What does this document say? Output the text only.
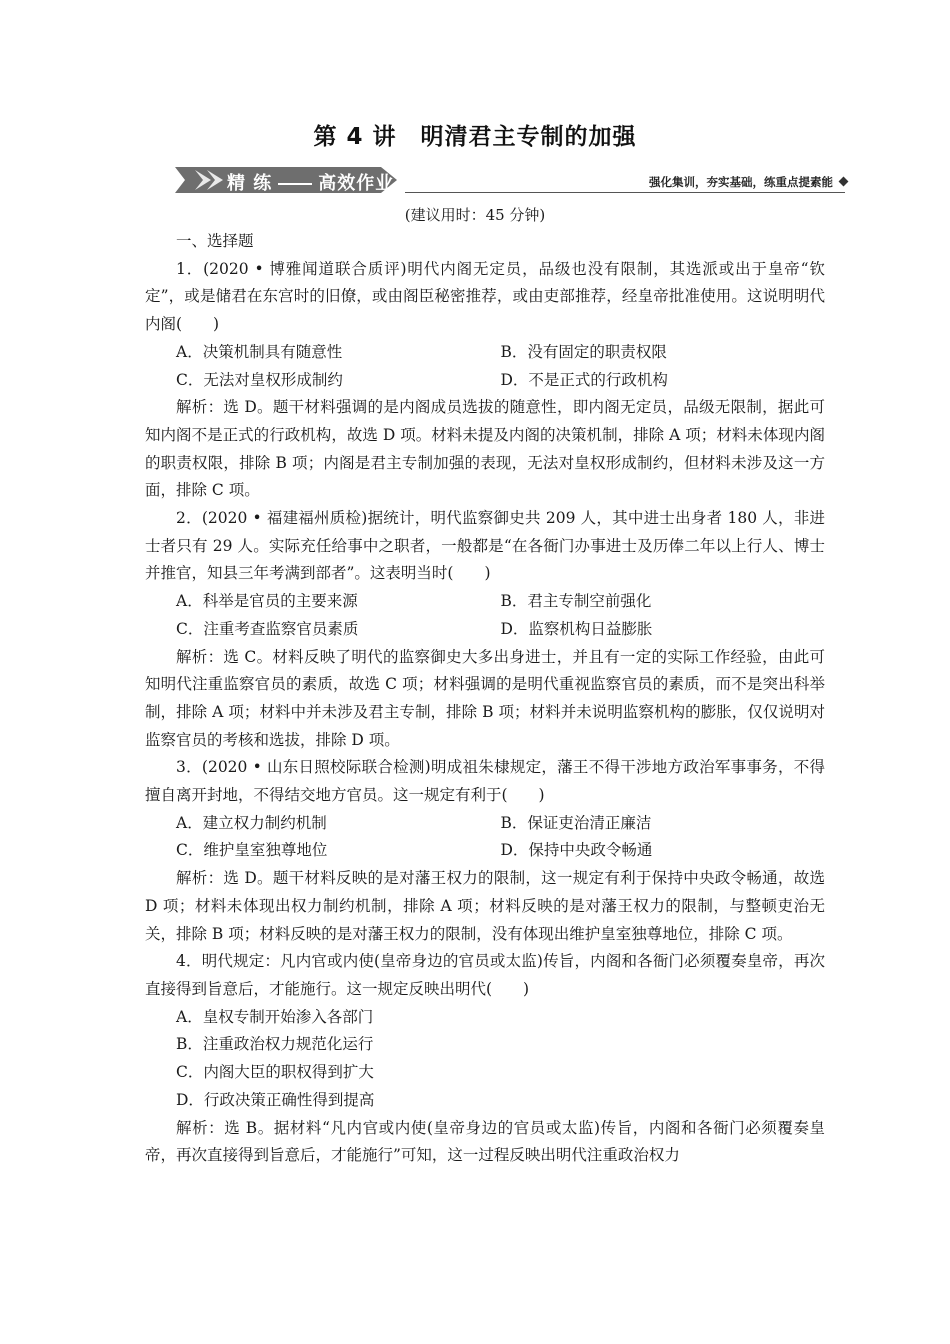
第 4 讲　明清君主专制的加强
精 练	高效作业	强化集训，夯实基础，练重点提素能
(建议用时：45 分钟)

一、选择题

1．(2020 • 博雅闻道联合质评)明代内阁无定员，品级也没有限制，其选派或出于皇帝“钦定”，或是储君在东宫时的旧僚，或由阁臣秘密推荐，或由吏部推荐，经皇帝批准使用。这说明明代内阁(　　)

A．决策机制具有随意性	B．没有固定的职责权限
C．无法对皇权形成制约	D．不是正式的行政机构

解析：选 D。题干材料强调的是内阁成员选拔的随意性，即内阁无定员，品级无限制，据此可知内阁不是正式的行政机构，故选 D 项。材料未提及内阁的决策机制，排除 A 项；材料未体现内阁的职责权限，排除 B 项；内阁是君主专制加强的表现，无法对皇权形成制约，但材料未涉及这一方面，排除 C 项。

2．(2020 • 福建福州质检)据统计，明代监察御史共 209 人，其中进士出身者 180 人，非进士者只有 29 人。实际充任给事中之职者，一般都是“在各衙门办事进士及历俸二年以上行人、博士并推官，知县三年考满到部者”。这表明当时(　　)

A．科举是官员的主要来源	B．君主专制空前强化
C．注重考查监察官员素质	D．监察机构日益膨胀

解析：选 C。材料反映了明代的监察御史大多出身进士，并且有一定的实际工作经验，由此可知明代注重监察官员的素质，故选 C 项；材料强调的是明代重视监察官员的素质，而不是突出科举制，排除 A 项；材料中并未涉及君主专制，排除 B 项；材料并未说明监察机构的膨胀，仅仅说明对监察官员的考核和选拔，排除 D 项。

3．(2020 • 山东日照校际联合检测)明成祖朱棣规定，藩王不得干涉地方政治军事事务，不得擅自离开封地，不得结交地方官员。这一规定有利于(　　)

A．建立权力制约机制	B．保证吏治清正廉洁
C．维护皇室独尊地位	D．保持中央政令畅通

解析：选 D。题干材料反映的是对藩王权力的限制，这一规定有利于保持中央政令畅通，故选 D 项；材料未体现出权力制约机制，排除 A 项；材料反映的是对藩王权力的限制，与整顿吏治无关，排除 B 项；材料反映的是对藩王权力的限制，没有体现出维护皇室独尊地位，排除 C 项。

4．明代规定：凡内官或内使(皇帝身边的官员或太监)传旨，内阁和各衙门必须覆奏皇帝，再次直接得到旨意后，才能施行。这一规定反映出明代(　　)

A．皇权专制开始渗入各部门

B．注重政治权力规范化运行

C．内阁大臣的职权得到扩大

D．行政决策正确性得到提高

解析：选 B。据材料“凡内官或内使(皇帝身边的官员或太监)传旨，内阁和各衙门必须覆奏皇帝，再次直接得到旨意后，才能施行”可知，这一过程反映出明代注重政治权力
